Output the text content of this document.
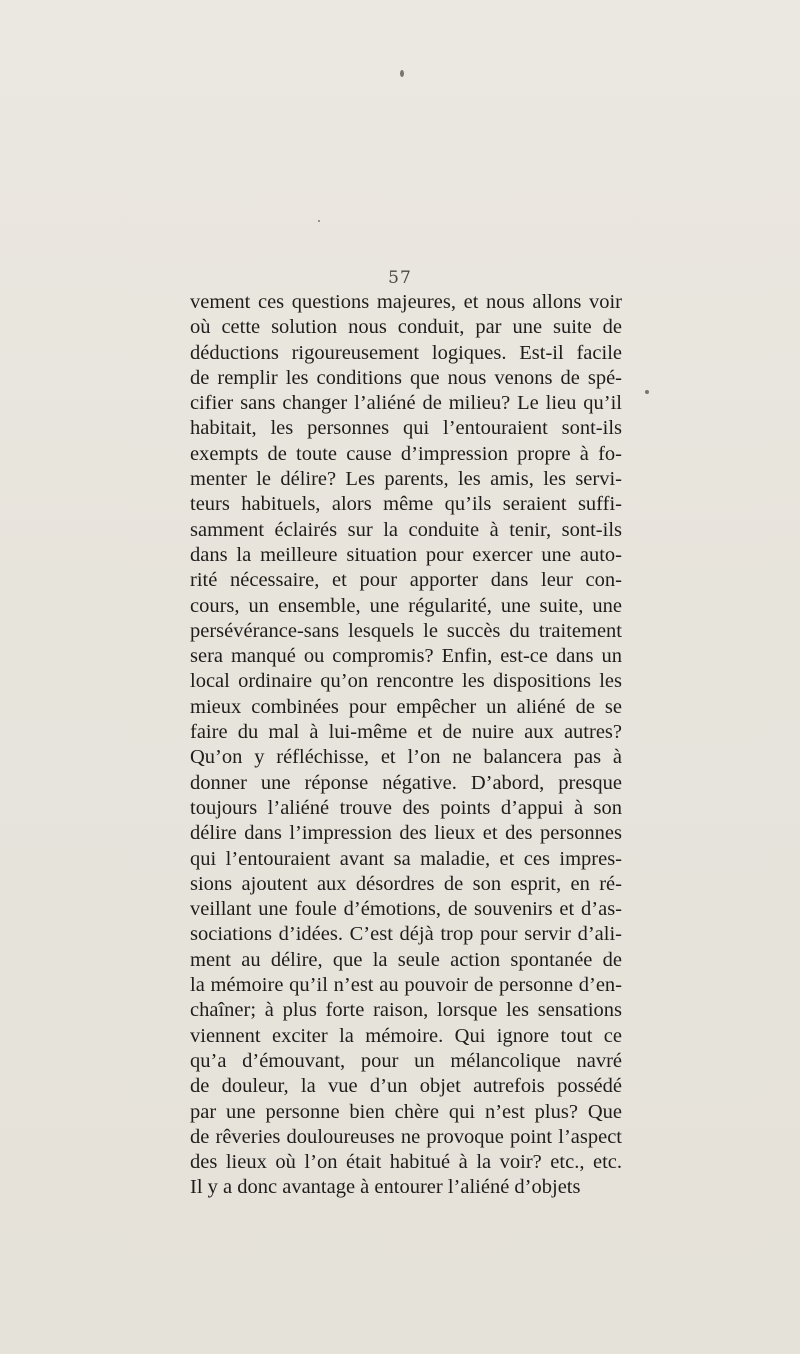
57
vement ces questions majeures, et nous allons voir
où cette solution nous conduit, par une suite de
déductions rigoureusement logiques. Est-il facile
de remplir les conditions que nous venons de spé-
cifier sans changer l’aliéné de milieu? Le lieu qu’il
habitait, les personnes qui l’entouraient sont-ils
exempts de toute cause d’impression propre à fo-
menter le délire? Les parents, les amis, les servi-
teurs habituels, alors même qu’ils seraient suffi-
samment éclairés sur la conduite à tenir, sont-ils
dans la meilleure situation pour exercer une auto-
rité nécessaire, et pour apporter dans leur con-
cours, un ensemble, une régularité, une suite, une
persévérance-sans lesquels le succès du traitement
sera manqué ou compromis? Enfin, est-ce dans un
local ordinaire qu’on rencontre les dispositions les
mieux combinées pour empêcher un aliéné de se
faire du mal à lui-même et de nuire aux autres?
Qu’on y réfléchisse, et l’on ne balancera pas à
donner une réponse négative. D’abord, presque
toujours l’aliéné trouve des points d’appui à son
délire dans l’impression des lieux et des personnes
qui l’entouraient avant sa maladie, et ces impres-
sions ajoutent aux désordres de son esprit, en ré-
veillant une foule d’émotions, de souvenirs et d’as-
sociations d’idées. C’est déjà trop pour servir d’ali-
ment au délire, que la seule action spontanée de
la mémoire qu’il n’est au pouvoir de personne d’en-
chaîner; à plus forte raison, lorsque les sensations
viennent exciter la mémoire. Qui ignore tout ce
qu’a d’émouvant, pour un mélancolique navré
de douleur, la vue d’un objet autrefois possédé
par une personne bien chère qui n’est plus? Que
de rêveries douloureuses ne provoque point l’aspect
des lieux où l’on était habitué à la voir? etc., etc.
Il y a donc avantage à entourer l’aliéné d’objets
